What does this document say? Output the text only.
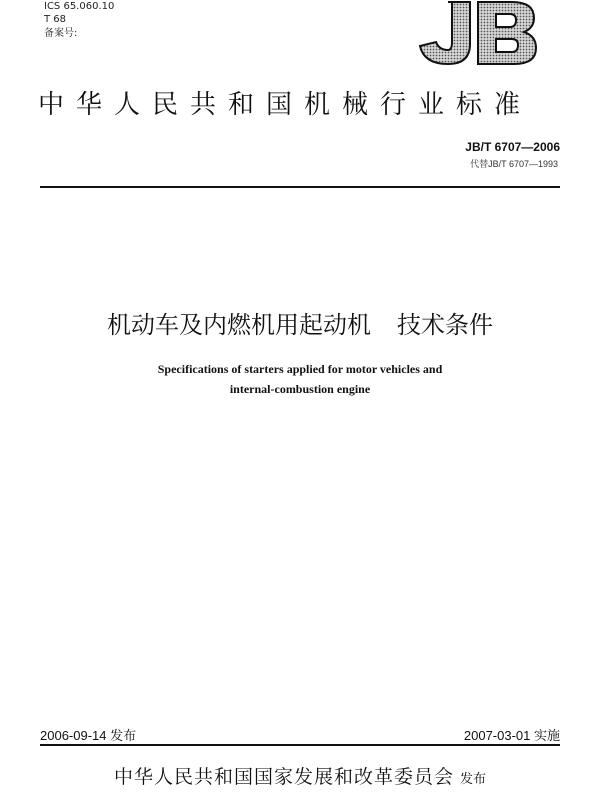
ICS 65.060.10
T 68
备案号:
中华人民共和国机械行业标准
JB/T 6707—2006
代替JB/T 6707—1993
机动车及内燃机用起动机 技术条件
Specifications of starters applied for motor vehicles and
internal-combustion engine
2006-09-14 发布	2007-03-01 实施
中华人民共和国国家发展和改革委员会 发布
